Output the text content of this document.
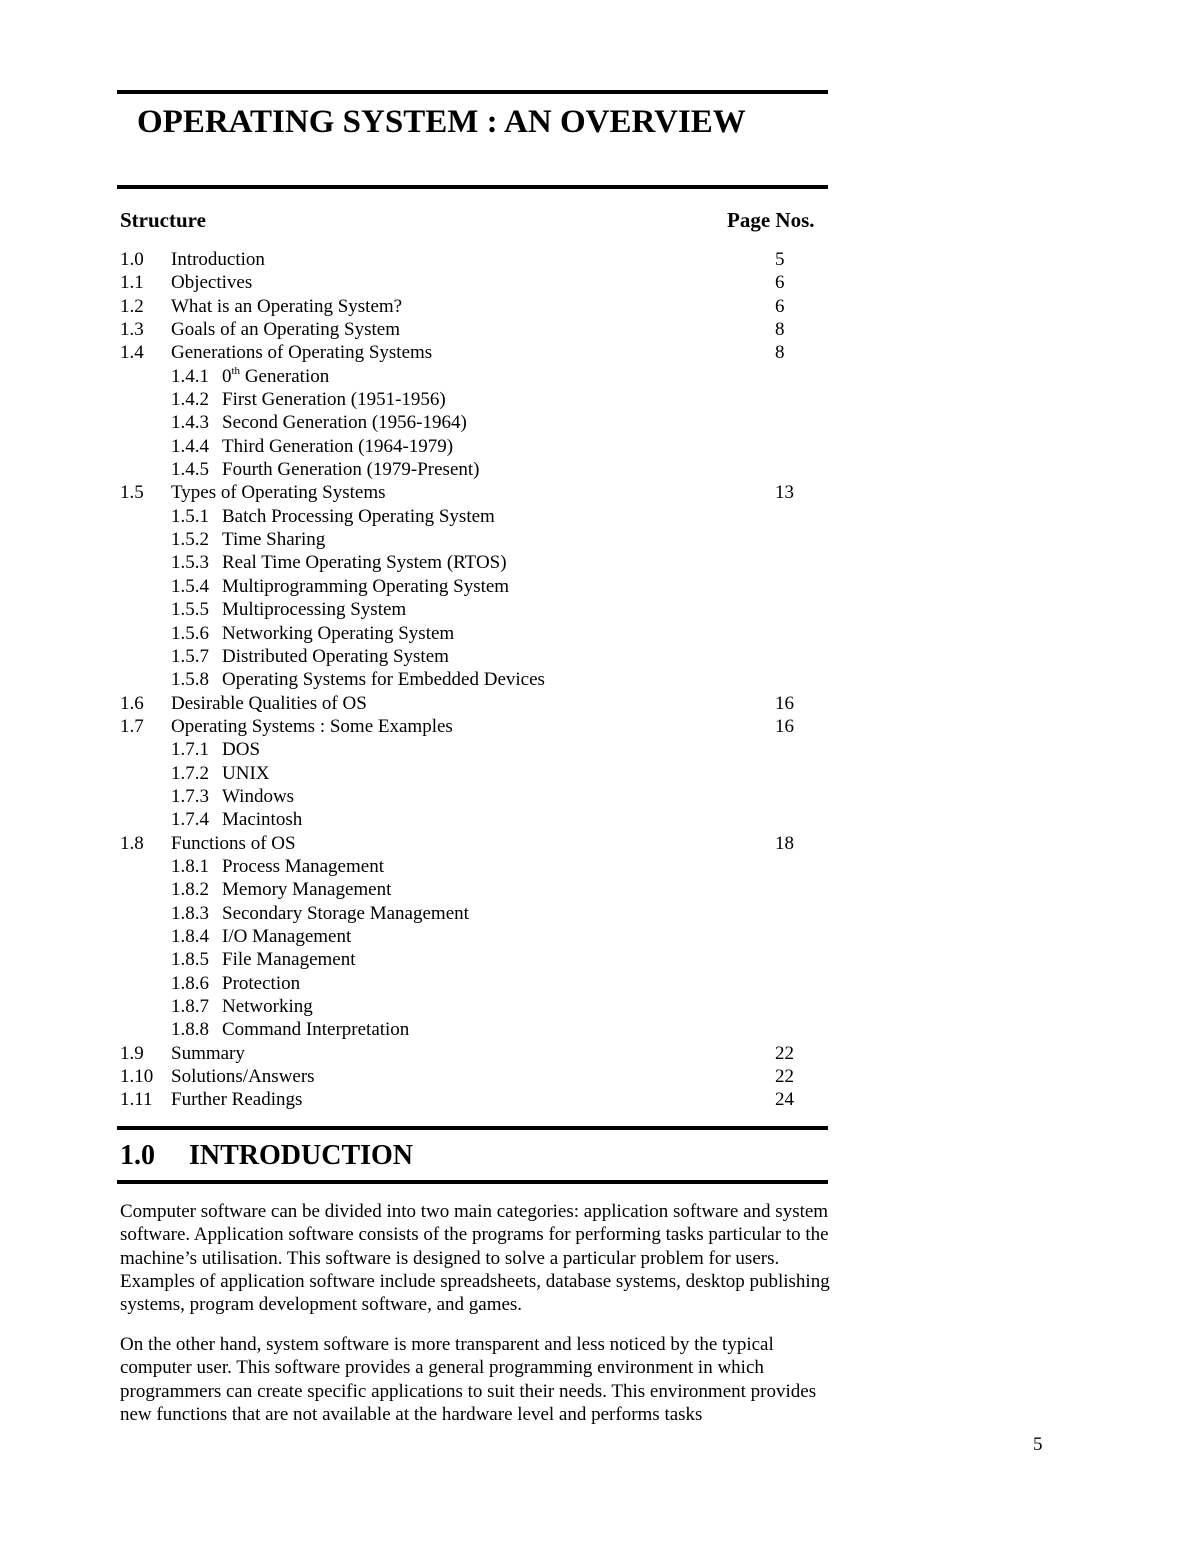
OPERATING SYSTEM : AN OVERVIEW
Structure	Page Nos.
1.0 Introduction	5
1.1 Objectives	6
1.2 What is an Operating System?	6
1.3 Goals of an Operating System	8
1.4 Generations of Operating Systems	8
1.4.1 0th Generation
1.4.2 First Generation (1951-1956)
1.4.3 Second Generation (1956-1964)
1.4.4 Third Generation (1964-1979)
1.4.5 Fourth Generation (1979-Present)
1.5 Types of Operating Systems	13
1.5.1 Batch Processing Operating System
1.5.2 Time Sharing
1.5.3 Real Time Operating System (RTOS)
1.5.4 Multiprogramming Operating System
1.5.5 Multiprocessing System
1.5.6 Networking Operating System
1.5.7 Distributed Operating System
1.5.8 Operating Systems for Embedded Devices
1.6 Desirable Qualities of OS	16
1.7 Operating Systems : Some Examples	16
1.7.1 DOS
1.7.2 UNIX
1.7.3 Windows
1.7.4 Macintosh
1.8 Functions of OS	18
1.8.1 Process Management
1.8.2 Memory Management
1.8.3 Secondary Storage Management
1.8.4 I/O Management
1.8.5 File Management
1.8.6 Protection
1.8.7 Networking
1.8.8 Command Interpretation
1.9 Summary	22
1.10 Solutions/Answers	22
1.11 Further Readings	24
1.0 INTRODUCTION

Computer software can be divided into two main categories: application software and system software. Application software consists of the programs for performing tasks particular to the machine’s utilisation. This software is designed to solve a particular problem for users. Examples of application software include spreadsheets, database systems, desktop publishing systems, program development software, and games.

On the other hand, system software is more transparent and less noticed by the typical computer user. This software provides a general programming environment in which programmers can create specific applications to suit their needs. This environment provides new functions that are not available at the hardware level and performs tasks

5
